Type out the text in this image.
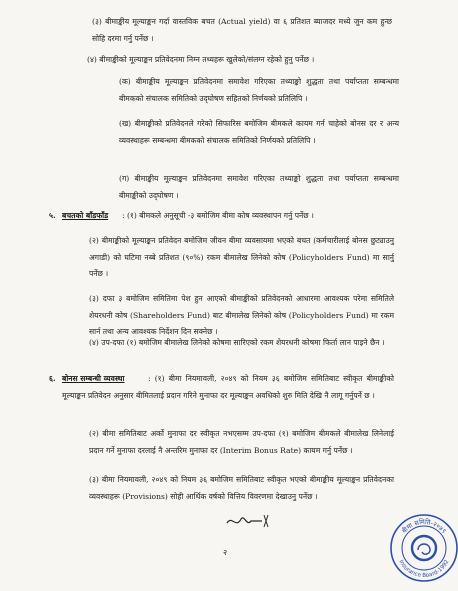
(३) बीमाङ्कीय मूल्याङ्कन गर्दा वास्तविक बचत (Actual yield) वा ६ प्रतिशत ब्याजदर मध्ये जुन कम हुन्छ सोहि दरमा गर्नु पर्नेछ ।

(४) बीमाङ्कीको मूल्याङ्कन प्रतिवेदनमा निम्न तथ्यहरू खुलेको/संलग्न रहेको हुनु पर्नेछ ।

(क) बीमाङ्कीय मूल्याङ्कन प्रतिवेदनमा समावेश गरिएका तथ्याङ्को शुद्धता तथा पर्याप्तता सम्बन्धमा बीमकको संचालक समितिको उद्‌घोषण सहितको निर्णयको प्रतिलिपि ।

(ख) बीमाङ्कीको प्रतिवेदनले गरेको सिफारिस बमोजिम बीमकले कायम गर्न चाहेको बोनस दर र अन्य व्यवस्थाहरू सम्बन्धमा बीमकको संचालक समितिको निर्णयको प्रतिलिपि ।

(ग) बीमाङ्कीय मूल्याङ्कन प्रतिवेदनमा समावेश गरिएका तथ्याङ्को शुद्धता तथा पर्याप्तता सम्बन्धमा बीमाङ्कीको उद्‌घोषण ।

५. बचतको बाँडफाँड	: (१) बीमकले अनुसूची -३ बमोजिम बीमा कोष व्यवस्थापन गर्नु पर्नेछ ।

(२) बीमाङ्कीको मूल्याङ्कन प्रतिवेदन बमोजिम जीवन बीमा व्यवसायमा भएको बचत (कर्मचारीलाई बोनस छुट्याउनु अगाडी) को घटिमा नब्बे प्रतिशत (९०%) रकम बीमालेख लिनेको कोष (Policyholders Fund) मा सार्नु पर्नेछ ।

(३) दफा ३ बमोजिम समितिमा पेश हुन आएको बीमाङ्कीको प्रतिवेदनको आधारमा आवश्यक परेमा समितिले शेयरधनी कोष (Shareholders Fund) बाट बीमालेख लिनेको कोष (Policyholders Fund) मा रकम सार्न तथा अन्य आवश्यक निर्देशन दिन सक्नेछ ।

(४) उप-दफा (१) बमोजिम बीमालेख लिनेको कोषमा सारिएको रकम शेयरधनी कोषमा फिर्ता लान पाइने छैन ।

६. बोनस सम्बन्धी व्यवस्था	: (१) बीमा नियमावली, २०४९ को नियम ३६ बमोजिम समितिबाट स्वीकृत बीमाङ्कीको मूल्याङ्कन प्रतिवेदन अनुसार बीमितलाई प्रदान गरिने मुनाफा दर मूल्याङ्कन अवधिको शुरु मिति देखि नै लागू गर्नुपर्ने छ ।

(२) बीमा समितिबाट अर्को मुनाफा दर स्वीकृत नभएसम्म उप-दफा (१) बमोजिम बीमकले बीमालेख लिनेलाई प्रदान गर्ने मुनाफा दरलाई नै अन्तरिम मुनाफा दर (Interim Bonus Rate) कायम गर्नु पर्नेछ ।

(३) बीमा नियमावली, २०४९ को नियम ३६ बमोजिम समितिबाट स्वीकृत भएको बीमाङ्कीय मूल्याङ्कन प्रतिवेदनका व्यवस्थाहरू (Provisions) सोही आर्थिक वर्षको वित्तिय विवरणमा देखाउनु पर्नेछ ।

२
बीमा समिति-२०४९
Insurance Board-1992
